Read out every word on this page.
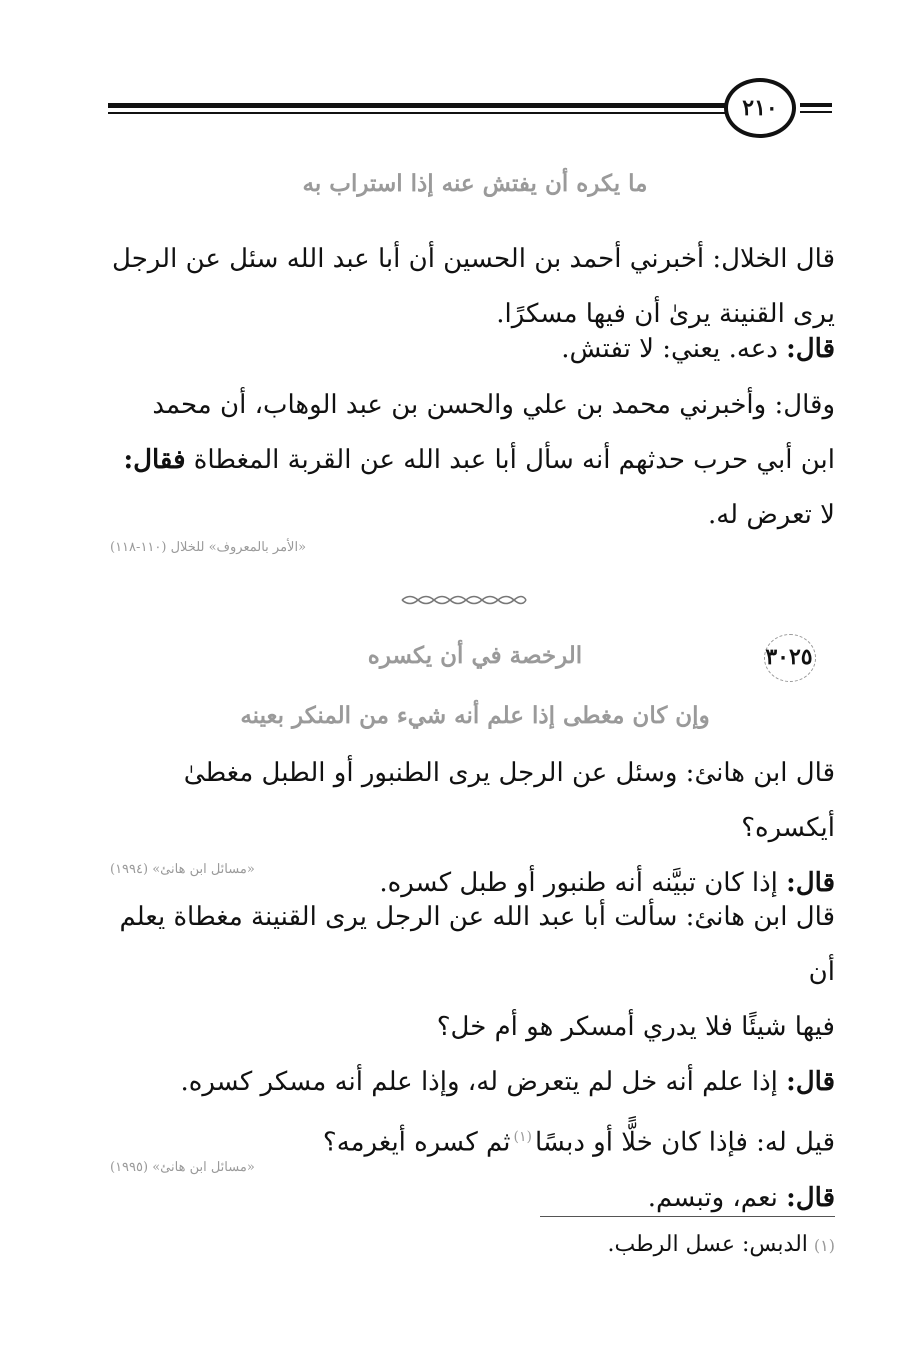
٢١٠
ما يكره أن يفتش عنه إذا استراب به
قال الخلال: أخبرني أحمد بن الحسين أن أبا عبد الله سئل عن الرجل
يرى القنينة يرىٰ أن فيها مسكرًا.
قال: دعه. يعني: لا تفتش.
وقال: وأخبرني محمد بن علي والحسن بن عبد الوهاب، أن محمد
ابن أبي حرب حدثهم أنه سأل أبا عبد الله عن القربة المغطاة فقال:
لا تعرض له.
«الأمر بالمعروف» للخلال (١١٠-١١٨)
٣٠٢٥
الرخصة في أن يكسره
وإن كان مغطى إذا علم أنه شيء من المنكر بعينه
قال ابن هانئ: وسئل عن الرجل يرى الطنبور أو الطبل مغطىٰ أيكسره؟
قال: إذا كان تبيَّنه أنه طنبور أو طبل كسره.
«مسائل ابن هانئ» (١٩٩٤)
قال ابن هانئ: سألت أبا عبد الله عن الرجل يرى القنينة مغطاة يعلم أن
فيها شيئًا فلا يدري أمسكر هو أم خل؟
قال: إذا علم أنه خل لم يتعرض له، وإذا علم أنه مسكر كسره.
قيل له: فإذا كان خلًّا أو دبسًا$^{(١)}$ثم كسره أيغرمه؟
قال: نعم، وتبسم.
«مسائل ابن هانئ» (١٩٩٥)
(١)الدبس: عسل الرطب.
